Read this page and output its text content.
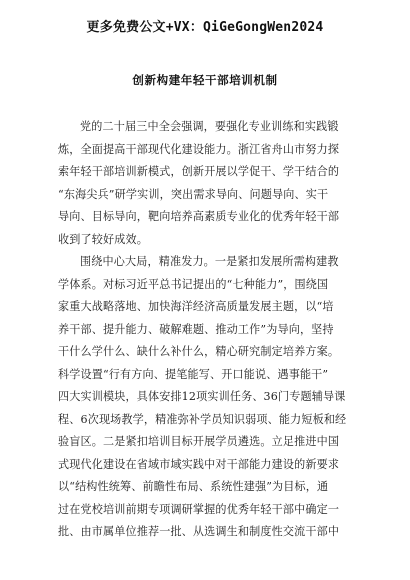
更多免费公文+VX：QiGeGongWen2024
创新构建年轻干部培训机制
党的二十届三中全会强调，要强化专业训练和实践锻
炼，全面提高干部现代化建设能力。浙江省舟山市努力探
索年轻干部培训新模式，创新开展以学促干、学干结合的
“东海尖兵”研学实训，突出需求导向、问题导向、实干
导向、目标导向，靶向培养高素质专业化的优秀年轻干部
收到了较好成效。
围绕中心大局，精准发力。一是紧扣发展所需构建教
学体系。对标习近平总书记提出的“七种能力”，围绕国
家重大战略落地、加快海洋经济高质量发展主题，以“培
养干部、提升能力、破解难题、推动工作”为导向，坚持
干什么学什么、缺什么补什么，精心研究制定培养方案。
科学设置“行有方向、提笔能写、开口能说、遇事能干”
四大实训模块，具体安排12项实训任务、36门专题辅导课
程、6次现场教学，精准弥补学员知识弱项、能力短板和经
验盲区。二是紧扣培训目标开展学员遴选。立足推进中国
式现代化建设在省域市域实践中对干部能力建设的新要求
以“结构性统筹、前瞻性布局、系统性建强”为目标，通
过在党校培训前期专项调研掌握的优秀年轻干部中确定一
批、由市属单位推荐一批、从选调生和制度性交流干部中
